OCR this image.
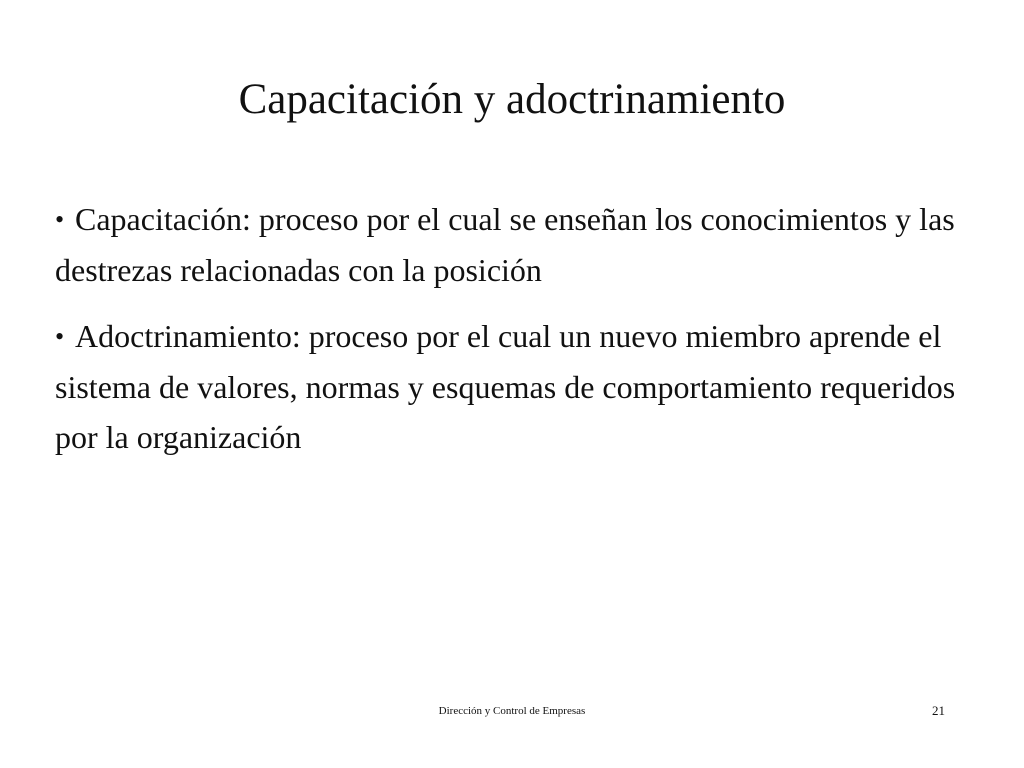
Capacitación y adoctrinamiento
• Capacitación: proceso por el cual se enseñan los conocimientos y las destrezas relacionadas con la posición
• Adoctrinamiento: proceso por el cual un nuevo miembro aprende el sistema de valores, normas y esquemas de comportamiento requeridos por la organización
Dirección y Control de Empresas	21
